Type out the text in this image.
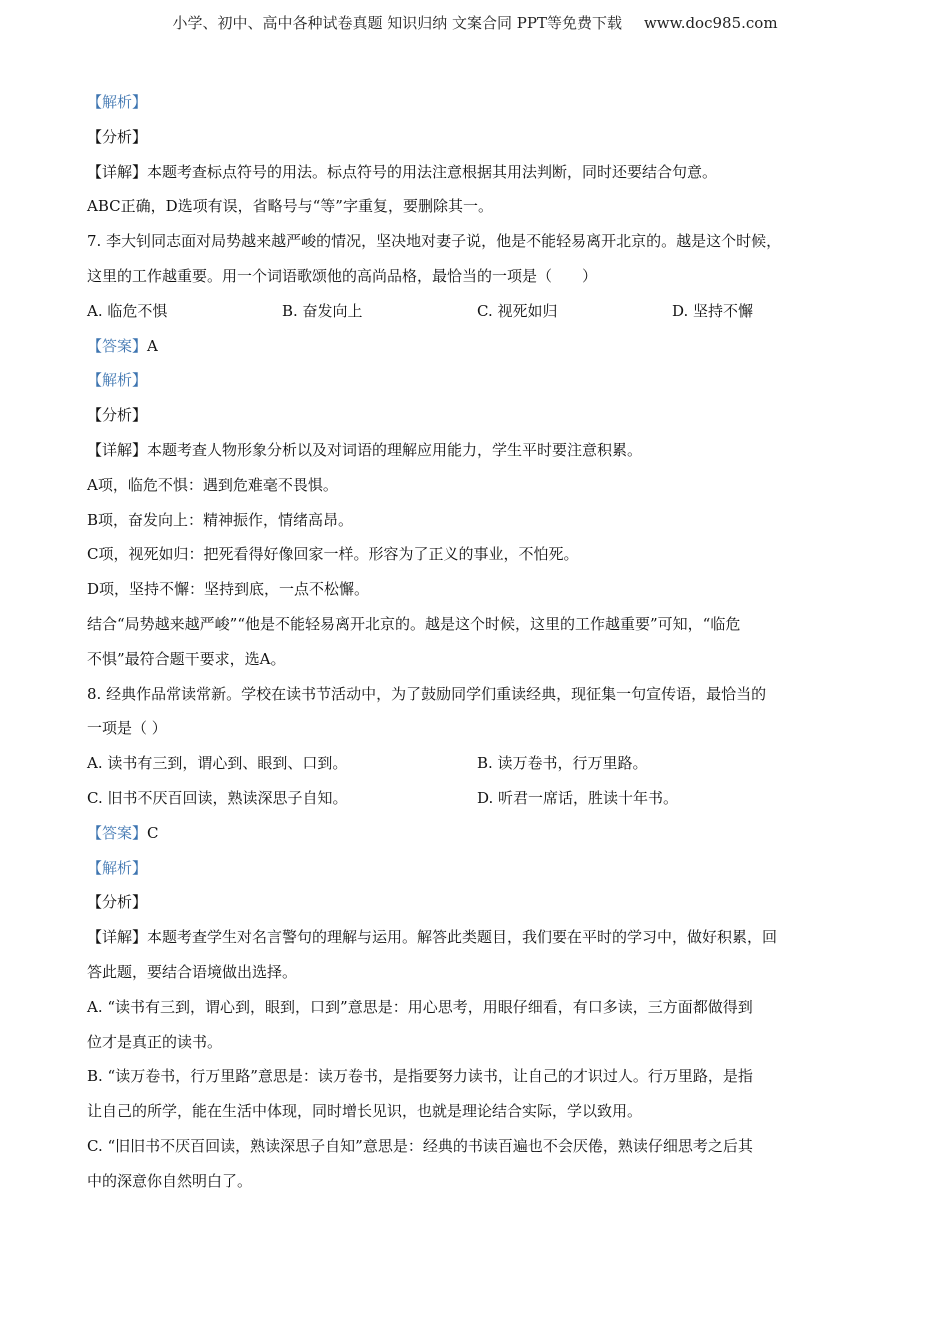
小学、初中、高中各种试卷真题 知识归纳 文案合同 PPT等免费下载 www.doc985.com
【解析】
【分析】
【详解】本题考查标点符号的用法。标点符号的用法注意根据其用法判断，同时还要结合句意。
ABC正确，D选项有误，省略号与“等”字重复，要删除其一。
7. 李大钊同志面对局势越来越严峻的情况，坚决地对妻子说，他是不能轻易离开北京的。越是这个时候，
这里的工作越重要。用一个词语歌颂他的高尚品格，最恰当的一项是（　　）
A. 临危不惧	B. 奋发向上	C. 视死如归	D. 坚持不懈
【答案】A
【解析】
【分析】
【详解】本题考查人物形象分析以及对词语的理解应用能力，学生平时要注意积累。
A项，临危不惧：遇到危难毫不畏惧。
B项，奋发向上：精神振作，情绪高昂。
C项，视死如归：把死看得好像回家一样。形容为了正义的事业，不怕死。
D项，坚持不懈：坚持到底，一点不松懈。
结合“局势越来越严峻”“他是不能轻易离开北京的。越是这个时候，这里的工作越重要”可知，“临危
不惧”最符合题干要求，选A。
8. 经典作品常读常新。学校在读书节活动中，为了鼓励同学们重读经典，现征集一句宣传语，最恰当的
一项是（ ）
A. 读书有三到，谓心到、眼到、口到。	B. 读万卷书，行万里路。
C. 旧书不厌百回读，熟读深思子自知。	D. 听君一席话，胜读十年书。
【答案】C
【解析】
【分析】
【详解】本题考查学生对名言警句的理解与运用。解答此类题目，我们要在平时的学习中，做好积累，回
答此题，要结合语境做出选择。
A. “读书有三到，谓心到，眼到，口到”意思是：用心思考，用眼仔细看，有口多读，三方面都做得到
位才是真正的读书。
B. “读万卷书，行万里路”意思是：读万卷书，是指要努力读书，让自己的才识过人。行万里路，是指
让自己的所学，能在生活中体现，同时增长见识，也就是理论结合实际，学以致用。
C. “旧旧书不厌百回读，熟读深思子自知”意思是：经典的书读百遍也不会厌倦，熟读仔细思考之后其
中的深意你自然明白了。
